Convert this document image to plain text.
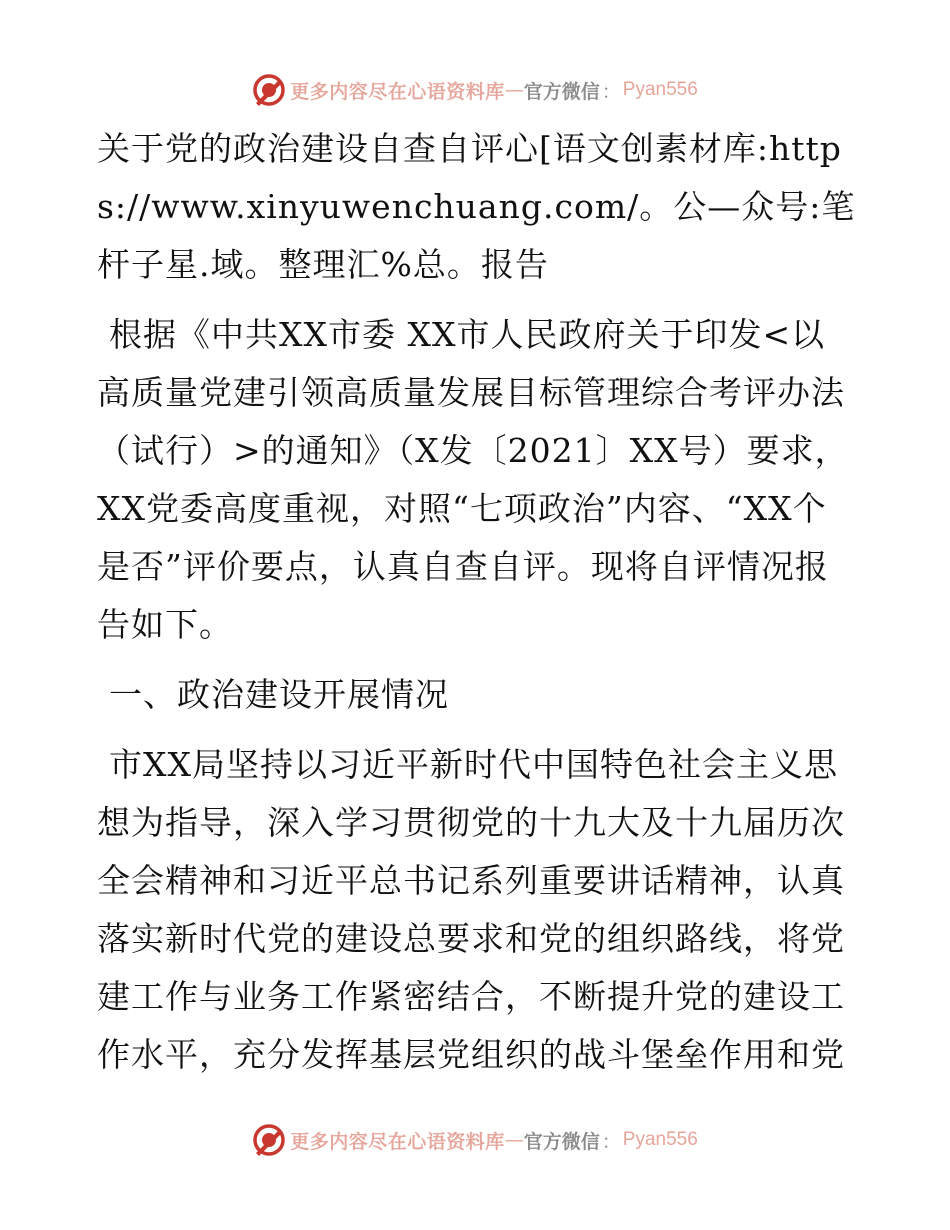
更多内容尽在心语资料库 — 官方微信 ： Pyan556

关于党的政治建设自查自评心[语文创素材库:https://www.xinyuwenchuang.com/。公—众号:笔杆子星.域。整理汇%总。报告

根据《中共XX市委 XX市人民政府关于印发<以高质量党建引领高质量发展目标管理综合考评办法（试行）>的通知》（X发〔2021〕XX号）要求，XX党委高度重视，对照“七项政治”内容、“XX个是否”评价要点，认真自查自评。现将自评情况报告如下。

一、政治建设开展情况

市XX局坚持以习近平新时代中国特色社会主义思想为指导，深入学习贯彻党的十九大及十九届历次全会精神和习近平总书记系列重要讲话精神，认真落实新时代党的建设总要求和党的组织路线，将党建工作与业务工作紧密结合，不断提升党的建设工作水平，充分发挥基层党组织的战斗堡垒作用和党

更多内容尽在心语资料库 — 官方微信 ： Pyan556
